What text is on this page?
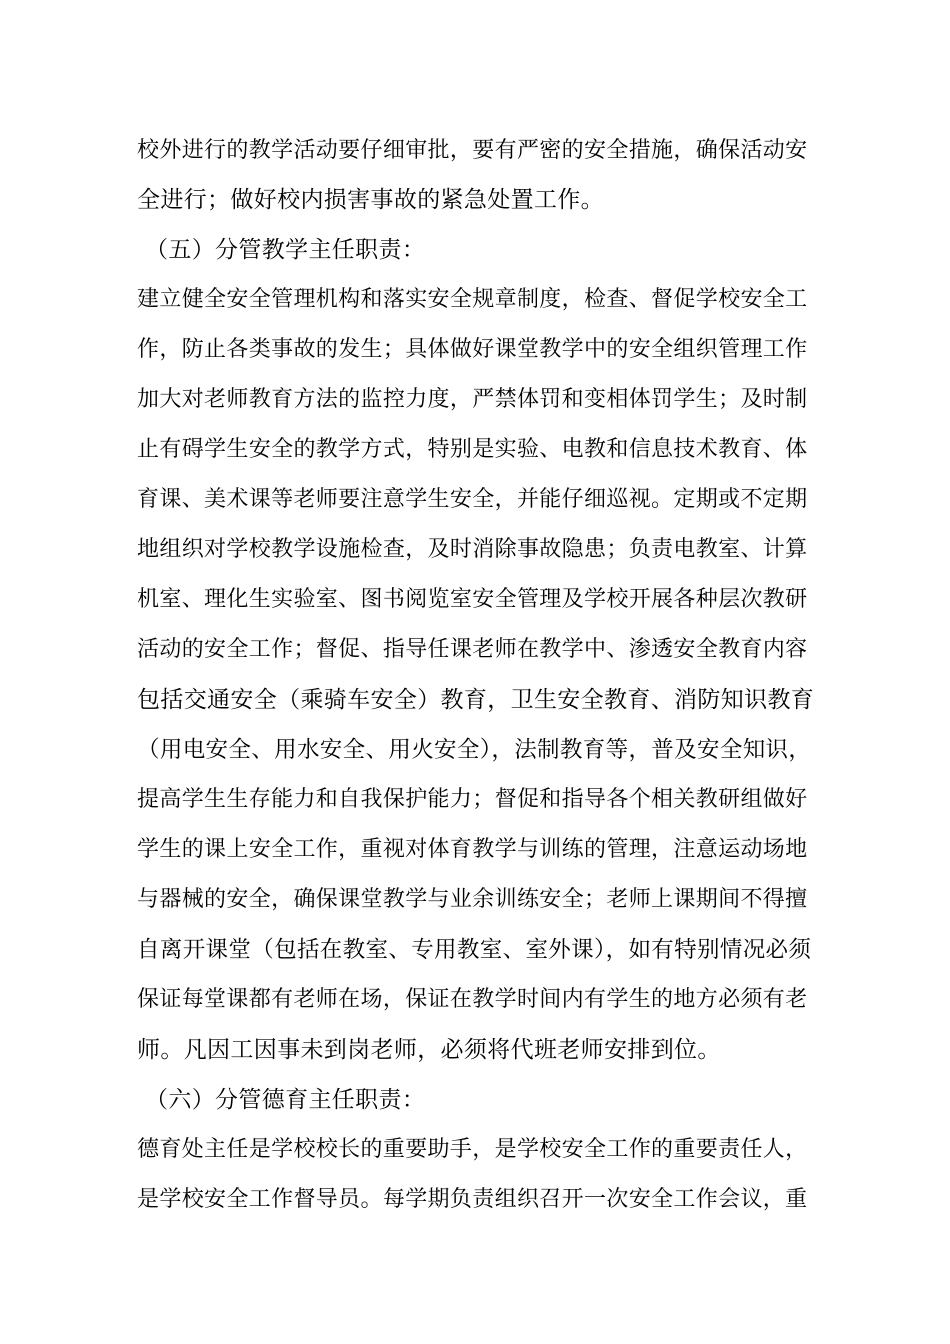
校外进行的教学活动要仔细审批，要有严密的安全措施，确保活动安
全进行；做好校内损害事故的紧急处置工作。
（五）分管教学主任职责：
建立健全安全管理机构和落实安全规章制度，检查、督促学校安全工
作，防止各类事故的发生；具体做好课堂教学中的安全组织管理工作
加大对老师教育方法的监控力度，严禁体罚和变相体罚学生；及时制
止有碍学生安全的教学方式，特别是实验、电教和信息技术教育、体
育课、美术课等老师要注意学生安全，并能仔细巡视。定期或不定期
地组织对学校教学设施检查，及时消除事故隐患；负责电教室、计算
机室、理化生实验室、图书阅览室安全管理及学校开展各种层次教研
活动的安全工作；督促、指导任课老师在教学中、渗透安全教育内容
包括交通安全（乘骑车安全）教育，卫生安全教育、消防知识教育
（用电安全、用水安全、用火安全），法制教育等，普及安全知识，
提高学生生存能力和自我保护能力；督促和指导各个相关教研组做好
学生的课上安全工作，重视对体育教学与训练的管理，注意运动场地
与器械的安全，确保课堂教学与业余训练安全；老师上课期间不得擅
自离开课堂（包括在教室、专用教室、室外课），如有特别情况必须
保证每堂课都有老师在场，保证在教学时间内有学生的地方必须有老
师。凡因工因事未到岗老师，必须将代班老师安排到位。
（六）分管德育主任职责：
德育处主任是学校校长的重要助手，是学校安全工作的重要责任人，
是学校安全工作督导员。每学期负责组织召开一次安全工作会议，重
